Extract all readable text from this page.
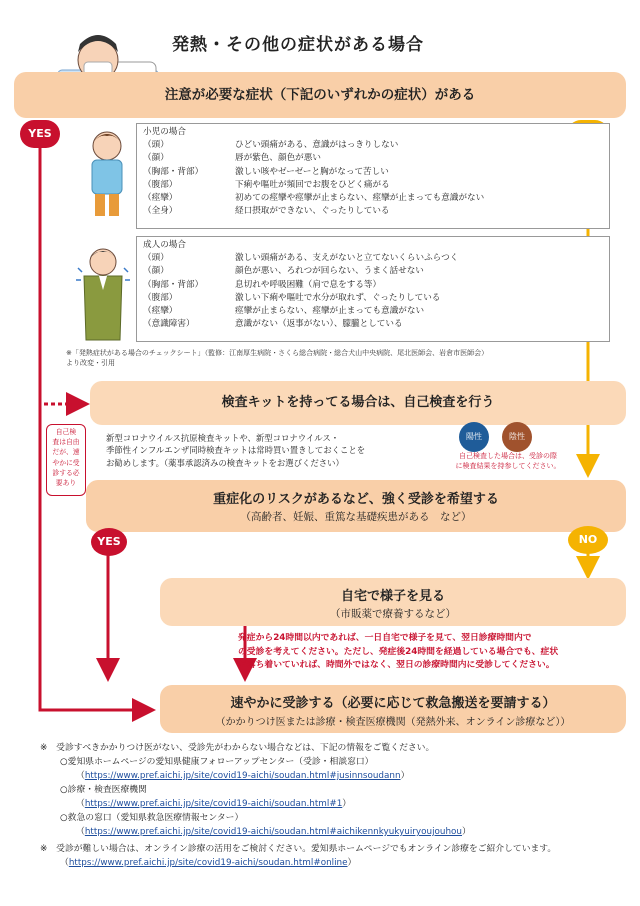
発熱・その他の症状がある場合
注意が必要な症状（下記のいずれかの症状）がある
YES	小児の場合
（頭）	ひどい頭痛がある、意識がはっきりしない
（顔）	唇が紫色、顔色が悪い
（胸部・背部）	激しい咳やゼーゼーと胸がなって苦しい
（腹部）	下痢や嘔吐が頻回でお腹をひどく痛がる
（痙攣）	初めての痙攣や痙攣が止まらない、痙攣が止まっても意識がない
（全身）	経口摂取ができない、ぐったりしている
成人の場合
（頭）	激しい頭痛がある、支えがないと立てないくらいふらつく
（顔）	顔色が悪い、ろれつが回らない、うまく話せない
（胸部・背部）	息切れや呼吸困難（肩で息をする等）
（腹部）	激しい下痢や嘔吐で水分が取れず、ぐったりしている
（痙攣）	痙攣が止まらない、痙攣が止まっても意識がない
（意識障害）	意識がない（返事がない）、朦朧としている
※「発熱症状がある場合のチェックシート」（監修：江南厚生病院・さくら総合病院・総合犬山中央病院、尾北医師会、岩倉市医師会）
より改変・引用
検査キットを持ってる場合は、自己検査を行う
自己検
査は自由
だが、速
やかに受
診する必
要あり
新型コロナウイルス抗原検査キットや、新型コロナウイルス・
季節性インフルエンザ同時検査キットは常時買い置きしておくことを
お勧めします。（薬事承認済みの検査キットをお選びください）
陽性	陰性
自己検査した場合は、受診の際
に検査結果を持参してください。
重症化のリスクがあるなど、強く受診を希望する
（高齢者、妊娠、重篤な基礎疾患がある　など）
YES	NO
自宅で様子を見る
（市販薬で療養するなど）
発症から24時間以内であれば、一日自宅で様子を見て、翌日診療時間内で
の受診を考えてください。ただし、発症後24時間を経過している場合でも、症状
が落ち着いていれば、時間外ではなく、翌日の診療時間内に受診してください。
速やかに受診する（必要に応じて救急搬送を要請する）
（かかりつけ医または診療・検査医療機関（発熱外来、オンライン診療など））
※　受診すべきかかりつけ医がない、受診先がわからない場合などは、下記の情報をご覧ください。
○愛知県ホームページの愛知県健康フォローアップセンター（受診・相談窓口）
（https://www.pref.aichi.jp/site/covid19-aichi/soudan.html#jusinnsoudann）
○診療・検査医療機関
（https://www.pref.aichi.jp/site/covid19-aichi/soudan.html#1）
○救急の窓口（愛知県救急医療情報センター）
（https://www.pref.aichi.jp/site/covid19-aichi/soudan.html#aichikennkyukyuiryoujouhou）
※　受診が難しい場合は、オンライン診療の活用をご検討ください。愛知県ホームページでもオンライン診療をご紹介しています。
（https://www.pref.aichi.jp/site/covid19-aichi/soudan.html#online）
